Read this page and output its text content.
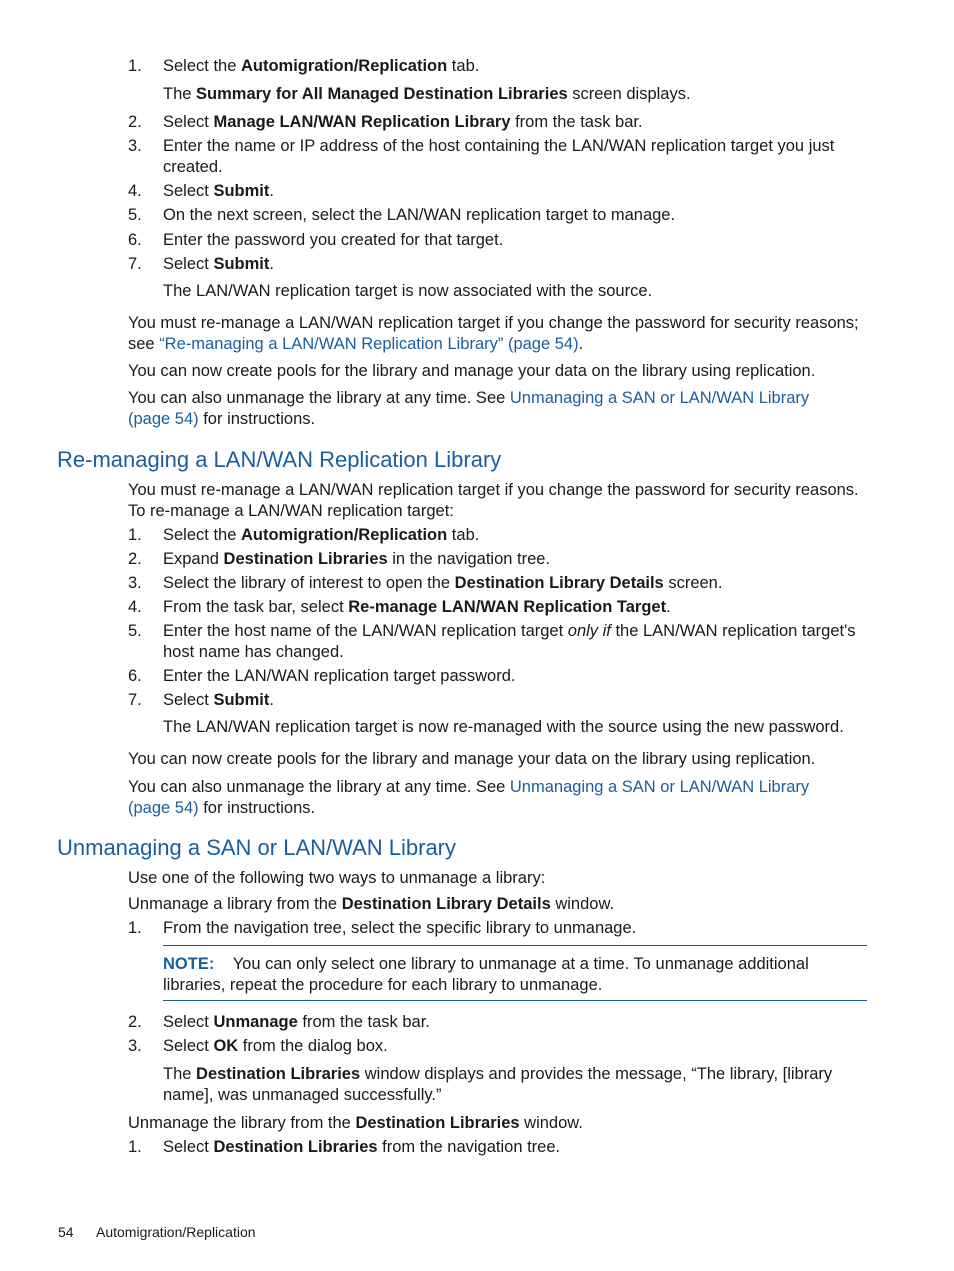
1. Select the Automigration/Replication tab.
The Summary for All Managed Destination Libraries screen displays.
2. Select Manage LAN/WAN Replication Library from the task bar.
3. Enter the name or IP address of the host containing the LAN/WAN replication target you just created.
4. Select Submit.
5. On the next screen, select the LAN/WAN replication target to manage.
6. Enter the password you created for that target.
7. Select Submit.
The LAN/WAN replication target is now associated with the source.
You must re-manage a LAN/WAN replication target if you change the password for security reasons; see “Re-managing a LAN/WAN Replication Library” (page 54).
You can now create pools for the library and manage your data on the library using replication.
You can also unmanage the library at any time. See Unmanaging a SAN or LAN/WAN Library (page 54) for instructions.
Re-managing a LAN/WAN Replication Library
You must re-manage a LAN/WAN replication target if you change the password for security reasons. To re-manage a LAN/WAN replication target:
1. Select the Automigration/Replication tab.
2. Expand Destination Libraries in the navigation tree.
3. Select the library of interest to open the Destination Library Details screen.
4. From the task bar, select Re-manage LAN/WAN Replication Target.
5. Enter the host name of the LAN/WAN replication target only if the LAN/WAN replication target's host name has changed.
6. Enter the LAN/WAN replication target password.
7. Select Submit.
The LAN/WAN replication target is now re-managed with the source using the new password.
You can now create pools for the library and manage your data on the library using replication.
You can also unmanage the library at any time. See Unmanaging a SAN or LAN/WAN Library (page 54) for instructions.
Unmanaging a SAN or LAN/WAN Library
Use one of the following two ways to unmanage a library:
Unmanage a library from the Destination Library Details window.
1. From the navigation tree, select the specific library to unmanage.
NOTE: You can only select one library to unmanage at a time. To unmanage additional libraries, repeat the procedure for each library to unmanage.
2. Select Unmanage from the task bar.
3. Select OK from the dialog box.
The Destination Libraries window displays and provides the message, “The library, [library name], was unmanaged successfully.”
Unmanage the library from the Destination Libraries window.
1. Select Destination Libraries from the navigation tree.
54 Automigration/Replication
